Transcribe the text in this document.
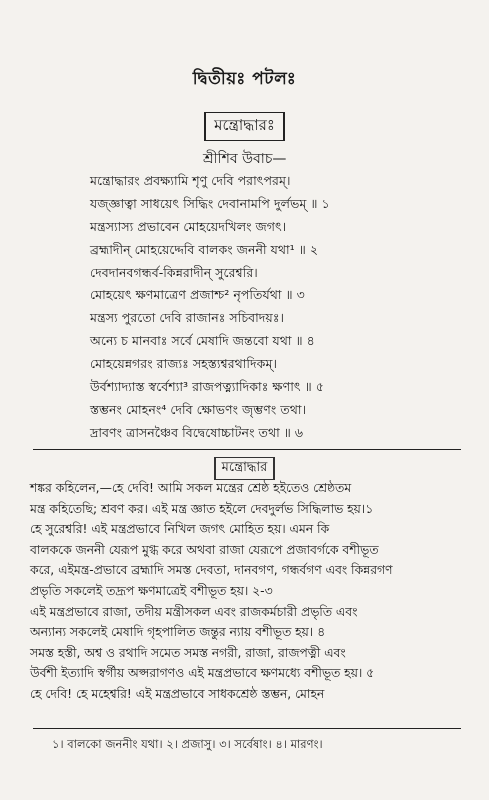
দ্বিতীয়ঃ পটলঃ
মন্ত্রোদ্ধারঃ
শ্রীশিব উবাচ—
মন্ত্রোদ্ধারং প্রবক্ষ্যামি শৃণু দেবি পরাৎপরম্।
যজ্‌জ্ঞাত্বা সাধয়েৎ সিদ্ধিং দেবানামপি দুর্লভম্ ॥ ১
মন্ত্রস্যাস্য প্রভাবেন মোহয়েদখিলং জগৎ।
ব্রহ্মাদীন্ মোহয়েদ্দেবি বালকং জননী যথা¹ ॥ ২
দেবদানবগন্ধর্ব-কিন্নরাদীন্ সুরেশ্বরি।
মোহয়েৎ ক্ষণমাত্রেণ প্রজাশ্চ² নৃপতির্যথা ॥ ৩
মন্ত্রস্য পুরতো দেবি রাজানঃ সচিবাদয়ঃ।
অন্যে চ মানবাঃ সর্বে মেষাদি জন্তবো যথা ॥ ৪
মোহয়েন্নগরং রাজ্যঃ সহস্ত্যশ্বরথাদিকম্।
উর্বশ্যাদ্যাস্ত স্বর্বেশ্যা³ রাজপত্ন্যাদিকাঃ ক্ষণাৎ ॥ ৫
স্তম্ভনং মোহনং⁴ দেবি ক্ষোভণং জৃম্ভণং তথা।
দ্রাবণং ত্রাসনঞ্চৈব বিদ্বেষোচ্চাটনং তথা ॥ ৬
মন্ত্রোদ্ধার
শঙ্কর কহিলেন,—হে দেবি! আমি সকল মন্ত্রের শ্রেষ্ঠ হইতেও শ্রেষ্ঠতম
মন্ত্র কহিতেছি; শ্রবণ কর। এই মন্ত্র জ্ঞাত হইলে দেবদুর্লভ সিদ্ধিলাভ হয়।১
হে সুরেশ্বরি! এই মন্ত্রপ্রভাবে নিখিল জগৎ মোহিত হয়। এমন কি
বালককে জননী যেরূপ মুগ্ধ করে অথবা রাজা যেরূপে প্রজাবর্গকে বশীভূত
করে, এইমন্ত্র-প্রভাবে ব্রহ্মাদি সমস্ত দেবতা, দানবগণ, গন্ধর্বগণ এবং কিন্নরগণ
প্রভৃতি সকলেই তদ্রূপ ক্ষণমাত্রেই বশীভূত হয়। ২-৩
এই মন্ত্রপ্রভাবে রাজা, তদীয় মন্ত্রীসকল এবং রাজকর্মচারী প্রভৃতি এবং
অন্যান্য সকলেই মেষাদি গৃহপালিত জন্তুর ন্যায় বশীভূত হয়। ৪
সমস্ত হস্তী, অশ্ব ও রথাদি সমেত সমস্ত নগরী, রাজা, রাজপত্নী এবং
উর্বশী ইত্যাদি স্বর্গীয় অপ্সরাগণও এই মন্ত্রপ্রভাবে ক্ষণমধ্যে বশীভূত হয়। ৫
হে দেবি! হে মহেশ্বরি! এই মন্ত্রপ্রভাবে সাধকশ্রেষ্ঠ স্তম্ভন, মোহন
১। বালকো জননীং যথা। ২। প্রজাসু। ৩। সর্বেষাং। ৪। মারণং।
